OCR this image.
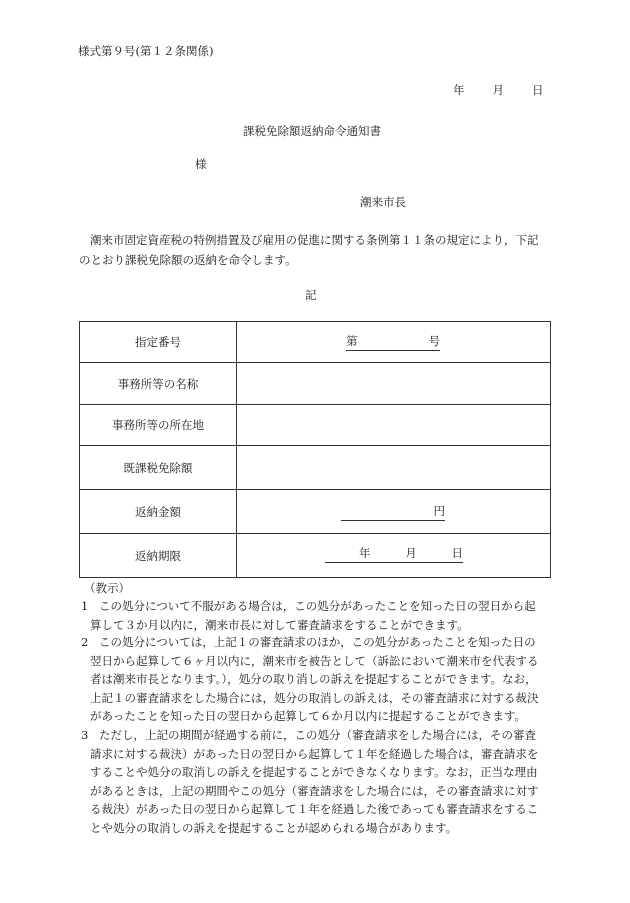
様式第９号(第１２条関係)
年 月 日
課税免除額返納命令通知書
様
潮来市長
潮来市固定資産税の特例措置及び雇用の促進に関する条例第１１条の規定により，下記
のとおり課税免除額の返納を命令します。
記
指定番号	第 号

事務所等の名称	
事務所等の所在地	
既課税免除額	
返納金額	円

返納期限	年 月 日
（教示）
1 この処分について不服がある場合は，この処分があったことを知った日の翌日から起
算して３か月以内に，潮来市長に対して審査請求をすることができます。
2 この処分については，上記１の審査請求のほか，この処分があったことを知った日の
翌日から起算して６ヶ月以内に，潮来市を被告として（訴訟において潮来市を代表する
者は潮来市長となります。），処分の取り消しの訴えを提起することができます。なお，
上記１の審査請求をした場合には，処分の取消しの訴えは，その審査請求に対する裁決
があったことを知った日の翌日から起算して６か月以内に提起することができます。
3 ただし，上記の期間が経過する前に，この処分（審査請求をした場合には，その審査
請求に対する裁決）があった日の翌日から起算して１年を経過した場合は，審査請求を
することや処分の取消しの訴えを提起することができなくなります。なお，正当な理由
があるときは，上記の期間やこの処分（審査請求をした場合には，その審査請求に対す
る裁決）があった日の翌日から起算して１年を経過した後であっても審査請求をするこ
とや処分の取消しの訴えを提起することが認められる場合があります。
